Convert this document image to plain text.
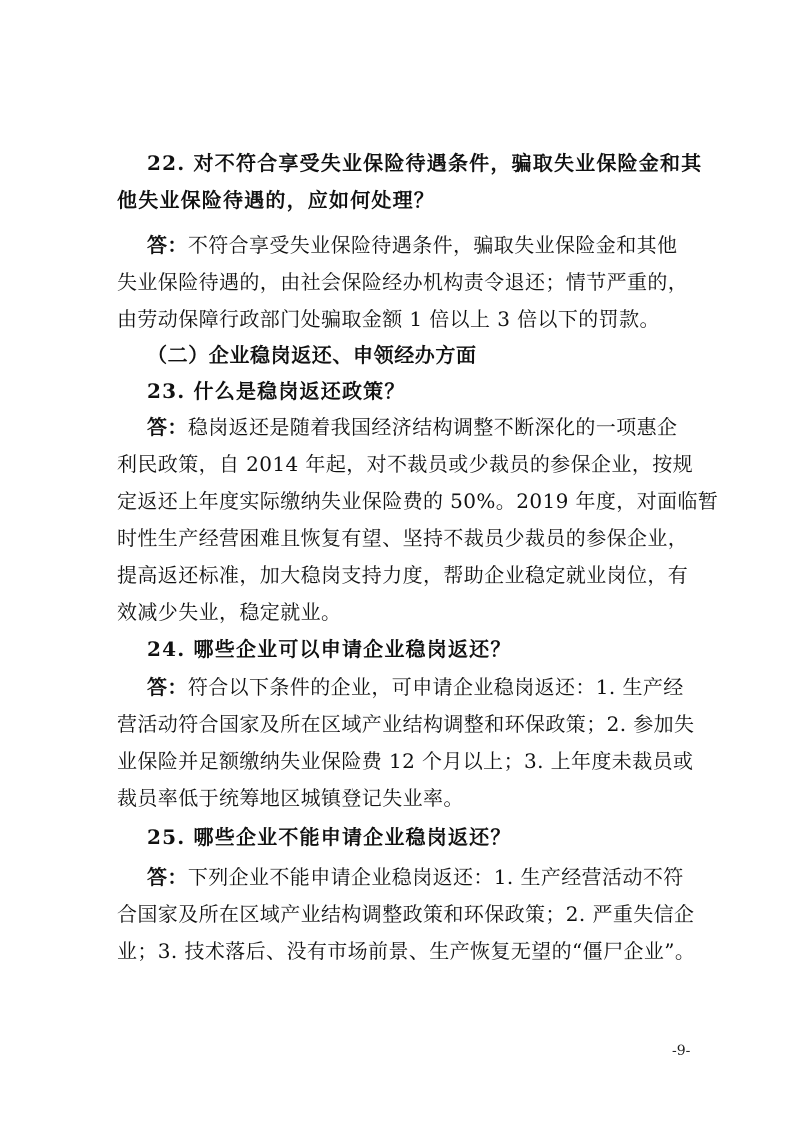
22. 对不符合享受失业保险待遇条件，骗取失业保险金和其
他失业保险待遇的，应如何处理？
答：不符合享受失业保险待遇条件，骗取失业保险金和其他
失业保险待遇的，由社会保险经办机构责令退还；情节严重的，
由劳动保障行政部门处骗取金额 1 倍以上 3 倍以下的罚款。
（二）企业稳岗返还、申领经办方面
23. 什么是稳岗返还政策？
答：稳岗返还是随着我国经济结构调整不断深化的一项惠企
利民政策，自 2014 年起，对不裁员或少裁员的参保企业，按规
定返还上年度实际缴纳失业保险费的 50%。2019 年度，对面临暂
时性生产经营困难且恢复有望、坚持不裁员少裁员的参保企业，
提高返还标准，加大稳岗支持力度，帮助企业稳定就业岗位，有
效减少失业，稳定就业。
24. 哪些企业可以申请企业稳岗返还？
答：符合以下条件的企业，可申请企业稳岗返还：1. 生产经
营活动符合国家及所在区域产业结构调整和环保政策；2. 参加失
业保险并足额缴纳失业保险费 12 个月以上；3. 上年度未裁员或
裁员率低于统筹地区城镇登记失业率。
25. 哪些企业不能申请企业稳岗返还？
答：下列企业不能申请企业稳岗返还：1. 生产经营活动不符
合国家及所在区域产业结构调整政策和环保政策；2. 严重失信企
业；3. 技术落后、没有市场前景、生产恢复无望的“僵尸企业”。
-9-
